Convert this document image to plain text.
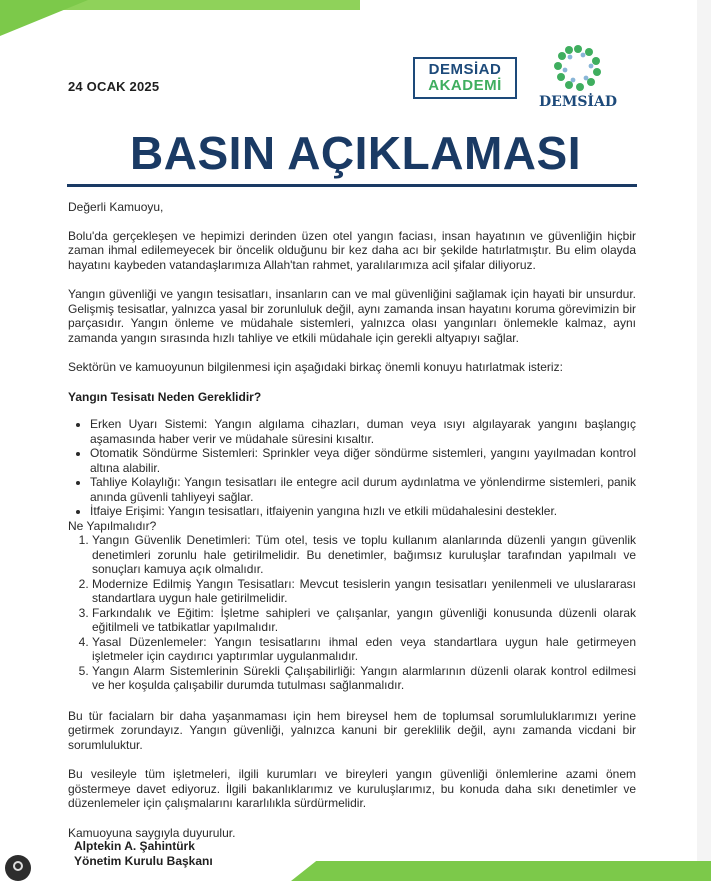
24 OCAK 2025
DEMSİAD
AKADEMİ
DEMSİAD
BASIN AÇIKLAMASI

Değerli Kamuoyu,

Bolu'da gerçekleşen ve hepimizi derinden üzen otel yangın faciası, insan hayatının ve güvenliğin hiçbir zaman ihmal edilemeyecek bir öncelik olduğunu bir kez daha acı bir şekilde hatırlatmıştır. Bu elim olayda hayatını kaybeden vatandaşlarımıza Allah'tan rahmet, yaralılarımıza acil şifalar diliyoruz.

Yangın güvenliği ve yangın tesisatları, insanların can ve mal güvenliğini sağlamak için hayati bir unsurdur. Gelişmiş tesisatlar, yalnızca yasal bir zorunluluk değil, aynı zamanda insan hayatını koruma görevimizin bir parçasıdır. Yangın önleme ve müdahale sistemleri, yalnızca olası yangınları önlemekle kalmaz, aynı zamanda yangın sırasında hızlı tahliye ve etkili müdahale için gerekli altyapıyı sağlar.

Sektörün ve kamuoyunun bilgilenmesi için aşağıdaki birkaç önemli konuyu hatırlatmak isteriz:

Yangın Tesisatı Neden Gereklidir?
• Erken Uyarı Sistemi: Yangın algılama cihazları, duman veya ısıyı algılayarak yangını başlangıç aşamasında haber verir ve müdahale süresini kısaltır.
• Otomatik Söndürme Sistemleri: Sprinkler veya diğer söndürme sistemleri, yangını yayılmadan kontrol altına alabilir.
• Tahliye Kolaylığı: Yangın tesisatları ile entegre acil durum aydınlatma ve yönlendirme sistemleri, panik anında güvenli tahliyeyi sağlar.
• İtfaiye Erişimi: Yangın tesisatları, itfaiyenin yangına hızlı ve etkili müdahalesini destekler.
Ne Yapılmalıdır?
1. Yangın Güvenlik Denetimleri: Tüm otel, tesis ve toplu kullanım alanlarında düzenli yangın güvenlik denetimleri zorunlu hale getirilmelidir. Bu denetimler, bağımsız kuruluşlar tarafından yapılmalı ve sonuçları kamuya açık olmalıdır.
2. Modernize Edilmiş Yangın Tesisatları: Mevcut tesislerin yangın tesisatları yenilenmeli ve uluslararası standartlara uygun hale getirilmelidir.
3. Farkındalık ve Eğitim: İşletme sahipleri ve çalışanlar, yangın güvenliği konusunda düzenli olarak eğitilmeli ve tatbikatlar yapılmalıdır.
4. Yasal Düzenlemeler: Yangın tesisatlarını ihmal eden veya standartlara uygun hale getirmeyen işletmeler için caydırıcı yaptırımlar uygulanmalıdır.
5. Yangın Alarm Sistemlerinin Sürekli Çalışabilirliği: Yangın alarmlarının düzenli olarak kontrol edilmesi ve her koşulda çalışabilir durumda tutulması sağlanmalıdır.

Bu tür facialarn bir daha yaşanmaması için hem bireysel hem de toplumsal sorumluluklarımızı yerine getirmek zorundayız. Yangın güvenliği, yalnızca kanuni bir gereklilik değil, aynı zamanda vicdani bir sorumluluktur.

Bu vesileyle tüm işletmeleri, ilgili kurumları ve bireyleri yangın güvenliği önlemlerine azami önem göstermeye davet ediyoruz. İlgili bakanlıklarımız ve kuruluşlarımız, bu konuda daha sıkı denetimler ve düzenlemeler için çalışmalarını kararlılıkla sürdürmelidir.

Kamuoyuna saygıyla duyurulur.

Alptekin A. Şahintürk
Yönetim Kurulu Başkanı
